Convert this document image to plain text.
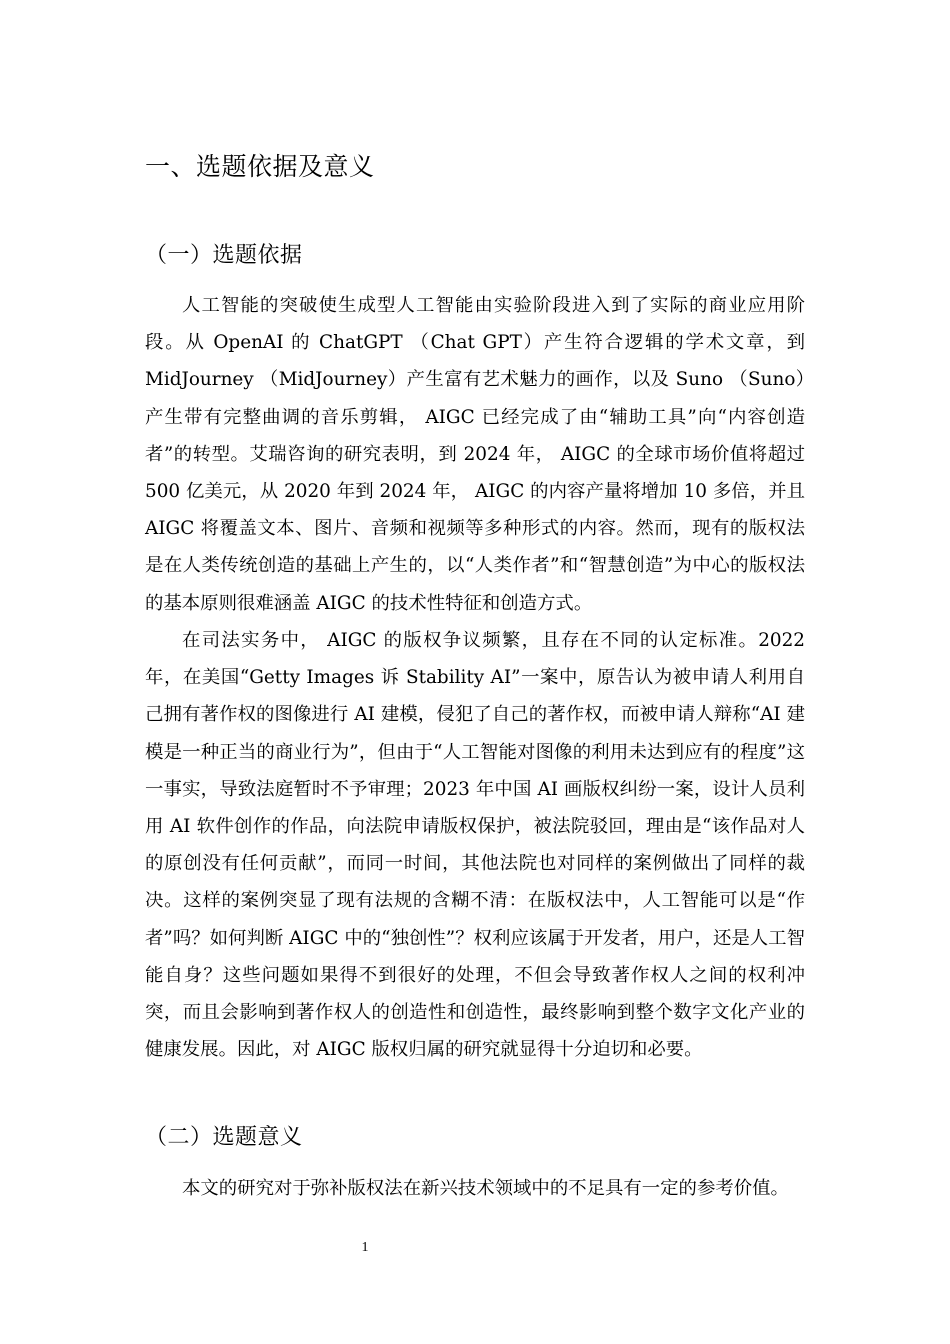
一、选题依据及意义
（一）选题依据

人工智能的突破使生成型人工智能由实验阶段进入到了实际的商业应用阶段。从 OpenAI 的 ChatGPT （Chat GPT）产生符合逻辑的学术文章，到 MidJourney （MidJourney）产生富有艺术魅力的画作，以及 Suno （Suno）产生带有完整曲调的音乐剪辑， AIGC 已经完成了由“辅助工具”向“内容创造者”的转型。艾瑞咨询的研究表明，到 2024 年， AIGC 的全球市场价值将超过 500 亿美元，从 2020 年到 2024 年， AIGC 的内容产量将增加 10 多倍，并且 AIGC 将覆盖文本、图片、音频和视频等多种形式的内容。然而，现有的版权法是在人类传统创造的基础上产生的，以“人类作者”和“智慧创造”为中心的版权法的基本原则很难涵盖 AIGC 的技术性特征和创造方式。

在司法实务中， AIGC 的版权争议频繁，且存在不同的认定标准。2022 年，在美国“Getty Images 诉 Stability AI”一案中，原告认为被申请人利用自己拥有著作权的图像进行 AI 建模，侵犯了自己的著作权，而被申请人辩称“AI 建模是一种正当的商业行为”，但由于“人工智能对图像的利用未达到应有的程度”这一事实，导致法庭暂时不予审理；2023 年中国 AI 画版权纠纷一案，设计人员利用 AI 软件创作的作品，向法院申请版权保护，被法院驳回，理由是“该作品对人的原创没有任何贡献”，而同一时间，其他法院也对同样的案例做出了同样的裁决。这样的案例突显了现有法规的含糊不清：在版权法中，人工智能可以是“作者”吗？如何判断 AIGC 中的“独创性”？权利应该属于开发者，用户，还是人工智能自身？这些问题如果得不到很好的处理，不但会导致著作权人之间的权利冲突，而且会影响到著作权人的创造性和创造性，最终影响到整个数字文化产业的健康发展。因此，对 AIGC 版权归属的研究就显得十分迫切和必要。

（二）选题意义

本文的研究对于弥补版权法在新兴技术领域中的不足具有一定的参考价值。

1
